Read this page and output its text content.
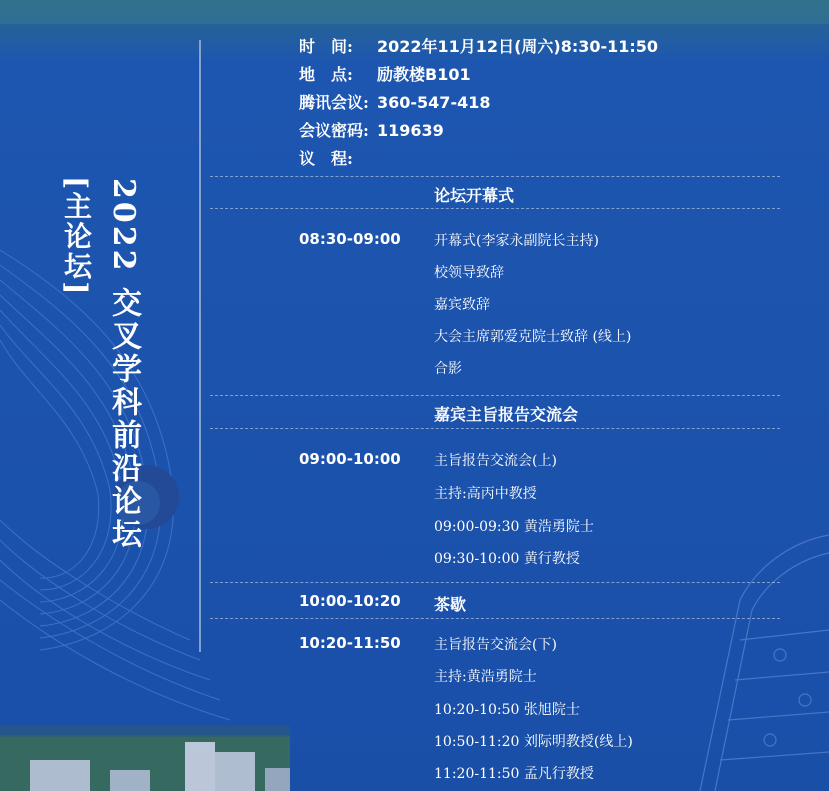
2022 交叉学科前沿论坛
[主论坛]
时　间: 2022年11月12日(周六)8:30-11:50
地　点: 励教楼B101
腾讯会议: 360-547-418
会议密码: 119639
议　程:
论坛开幕式
08:30-09:00 开幕式(李家永副院长主持)
校领导致辞
嘉宾致辞
大会主席郭爱克院士致辞 (线上)
合影
嘉宾主旨报告交流会
09:00-10:00 主旨报告交流会(上)
主持:高丙中教授
09:00-09:30 黄浩勇院士
09:30-10:00 黄行教授
10:00-10:20 茶歇
10:20-11:50 主旨报告交流会(下)
主持:黄浩勇院士
10:20-10:50 张旭院士
10:50-11:20 刘际明教授(线上)
11:20-11:50 孟凡行教授
